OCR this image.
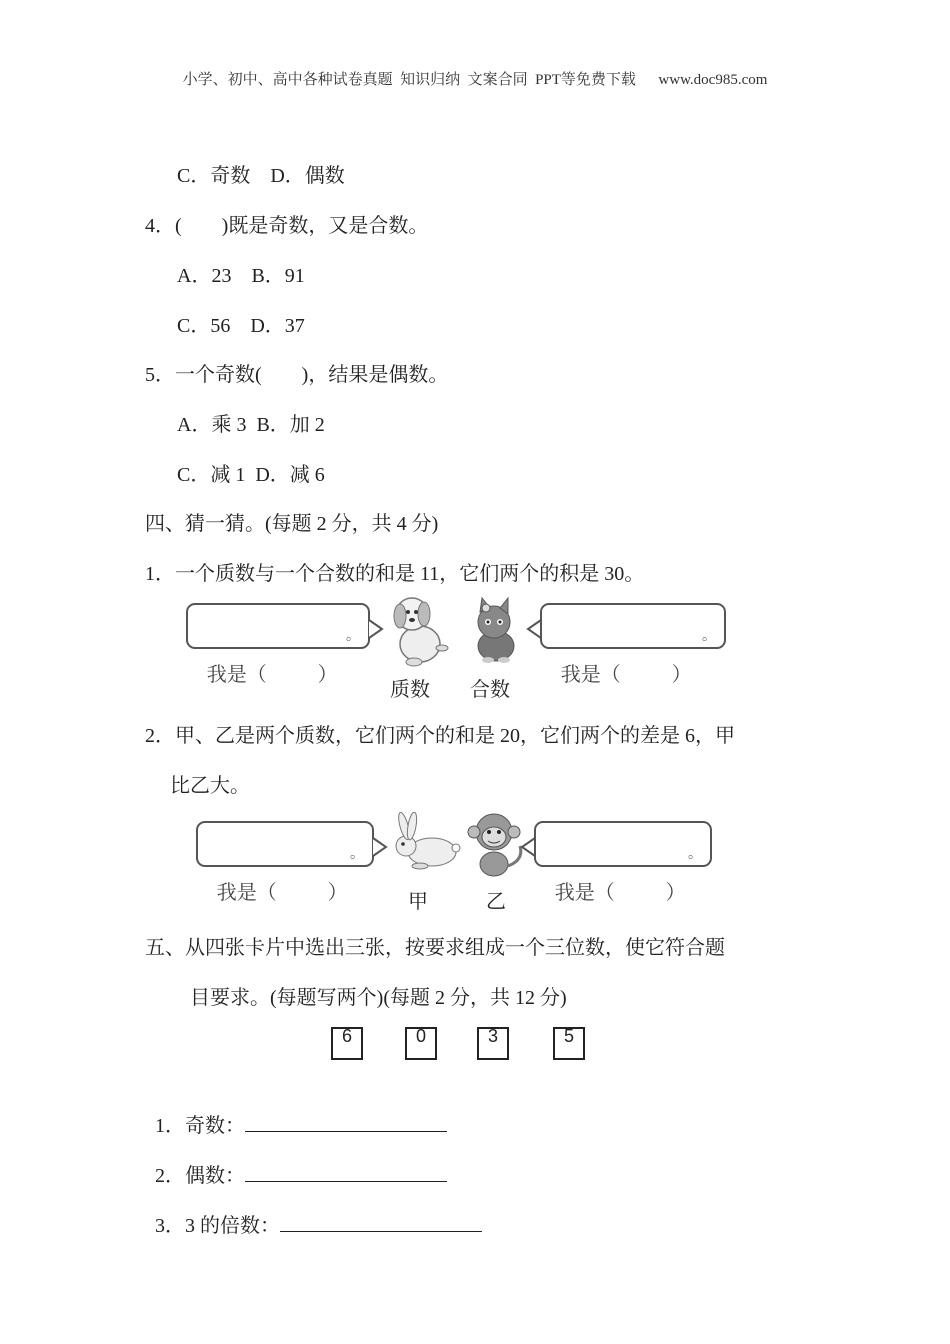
小学、初中、高中各种试卷真题  知识归纳  文案合同  PPT等免费下载      www.doc985.com
C．奇数    D．偶数
4．(        )既是奇数，又是合数。
A．23    B．91
C．56    D．37
5．一个奇数(        )，结果是偶数。
A．乘 3  B．加 2
C．减 1  D．减 6
四、猜一猜。(每题 2 分，共 4 分)
1．一个质数与一个合数的和是 11，它们两个的积是 30。

我是（        ）

。

我是（        ）

。

质数 合数
2．甲、乙是两个质数，它们两个的和是 20，它们两个的差是 6，甲
比乙大。

我是（        ）

。

我是（        ）

。

甲	乙
五、从四张卡片中选出三张，按要求组成一个三位数，使它符合题
目要求。(每题写两个)(每题 2 分，共 12 分)
6	0	3	5

1．奇数：

2．偶数：

3．3 的倍数：
